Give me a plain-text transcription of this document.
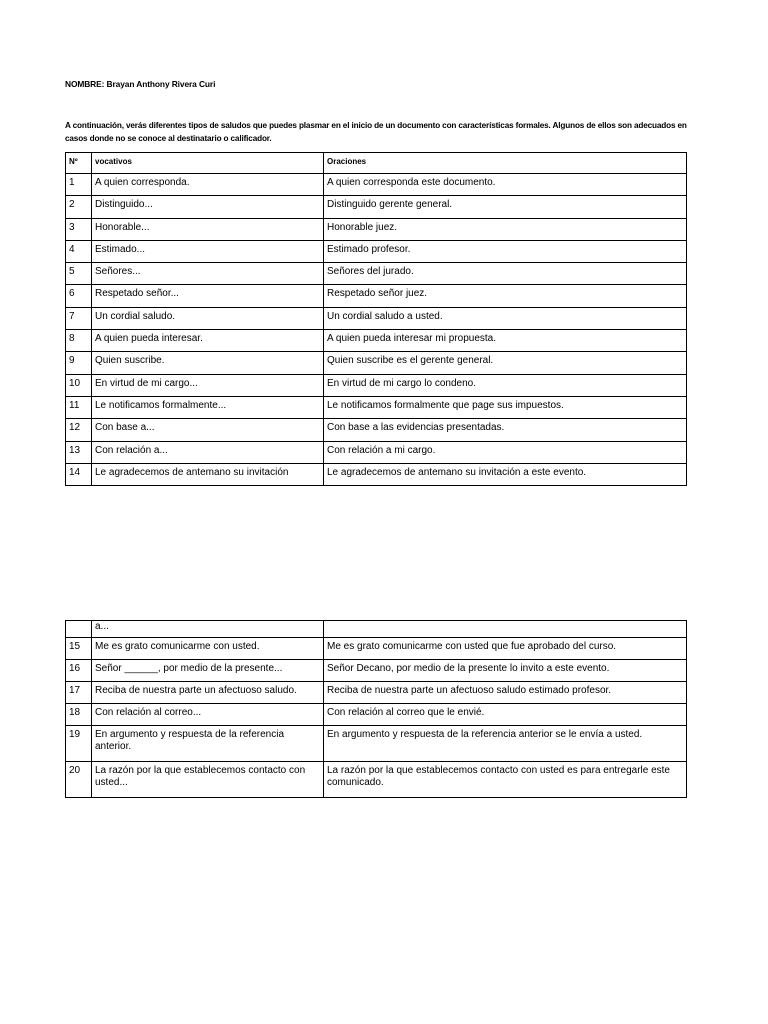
NOMBRE: Brayan Anthony Rivera Curi
A continuación, verás diferentes tipos de saludos que puedes plasmar en el inicio de un documento con características formales. Algunos de ellos son adecuados en casos donde no se conoce al destinatario o calificador.
Nº	vocativos	Oraciones
1	A quien corresponda.	A quien corresponda este documento.
2	Distinguido...	Distinguido gerente general.
3	Honorable...	Honorable juez.
4	Estimado...	Estimado profesor.
5	Señores...	Señores del jurado.
6	Respetado señor...	Respetado señor juez.
7	Un cordial saludo.	Un cordial saludo a usted.
8	A quien pueda interesar.	A quien pueda interesar mi propuesta.
9	Quien suscribe.	Quien suscribe es el gerente general.
10	En virtud de mi cargo...	En virtud de mi cargo lo condeno.
11	Le notificamos formalmente...	Le notificamos formalmente que page sus impuestos.
12	Con base a...	Con base a las evidencias presentadas.
13	Con relación a...	Con relación a mi cargo.
14	Le agradecemos de antemano su invitación	Le agradecemos de antemano su invitación a este evento.
	a...	
15	Me es grato comunicarme con usted.	Me es grato comunicarme con usted que fue aprobado del curso.
16	Señor ______, por medio de la presente...	Señor Decano, por medio de la presente lo invito a este evento.
17	Reciba de nuestra parte un afectuoso saludo.	Reciba de nuestra parte un afectuoso saludo estimado profesor.
18	Con relación al correo...	Con relación al correo que le envié.
19	En argumento y respuesta de la referencia anterior.	En argumento y respuesta de la referencia anterior se le envía a usted.
20	La razón por la que establecemos contacto con usted...	La razón por la que establecemos contacto con usted es para entregarle este comunicado.
